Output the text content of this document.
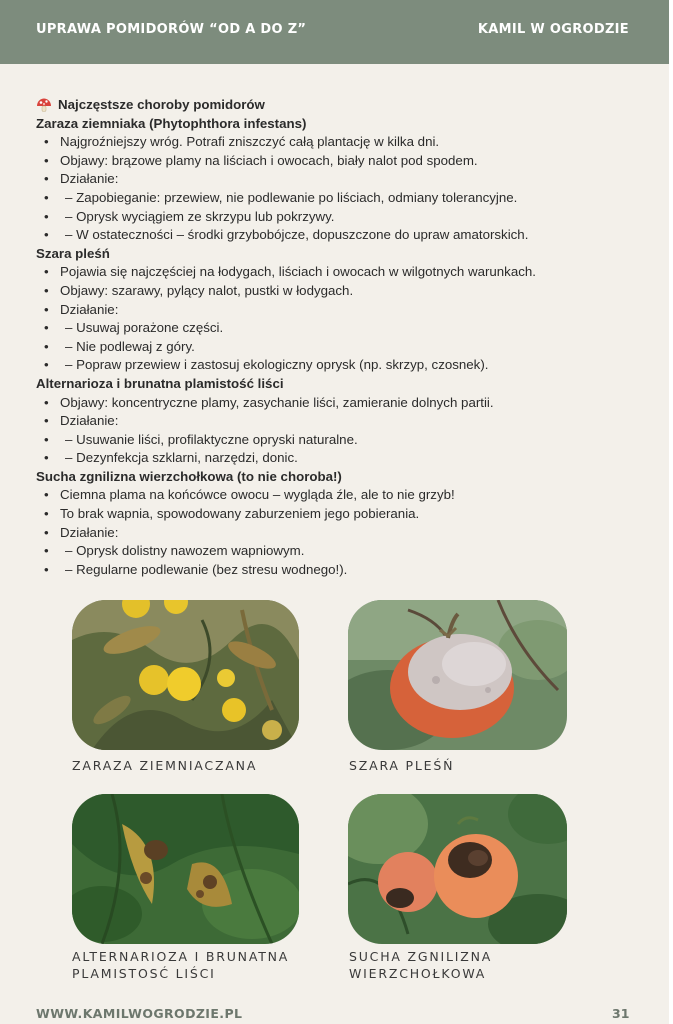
UPRAWA POMIDORÓW “OD A DO Z”	KAMIL W OGRODZIE
Najczęstsze choroby pomidorów
Zaraza ziemniaka (Phytophthora infestans)
• Najgroźniejszy wróg. Potrafi zniszczyć całą plantację w kilka dni.
• Objawy: brązowe plamy na liściach i owocach, biały nalot pod spodem.
• Działanie:
• – Zapobieganie: przewiew, nie podlewanie po liściach, odmiany tolerancyjne.
• – Oprysk wyciągiem ze skrzypu lub pokrzywy.
• – W ostateczności – środki grzybobójcze, dopuszczone do upraw amatorskich.
Szara pleśń
• Pojawia się najczęściej na łodygach, liściach i owocach w wilgotnych warunkach.
• Objawy: szarawy, pylący nalot, pustki w łodygach.
• Działanie:
• – Usuwaj porażone części.
• – Nie podlewaj z góry.
• – Popraw przewiew i zastosuj ekologiczny oprysk (np. skrzyp, czosnek).
Alternarioza i brunatna plamistość liści
• Objawy: koncentryczne plamy, zasychanie liści, zamieranie dolnych partii.
• Działanie:
• – Usuwanie liści, profilaktyczne opryski naturalne.
• – Dezynfekcja szklarni, narzędzi, donic.
Sucha zgnilizna wierzchołkowa (to nie choroba!)
• Ciemna plama na końcówce owocu – wygląda źle, ale to nie grzyb!
• To brak wapnia, spowodowany zaburzeniem jego pobierania.
• Działanie:
• – Oprysk dolistny nawozem wapniowym.
• – Regularne podlewanie (bez stresu wodnego!).
ZARAZA ZIEMNIACZANA	SZARA PLEŚŃ
ALTERNARIOZA I BRUNATNA
PLAMISTOSĆ LIŚCI
SUCHA ZGNILIZNA
WIERZCHOŁKOWA
WWW.KAMILWOGRODZIE.PL	31
